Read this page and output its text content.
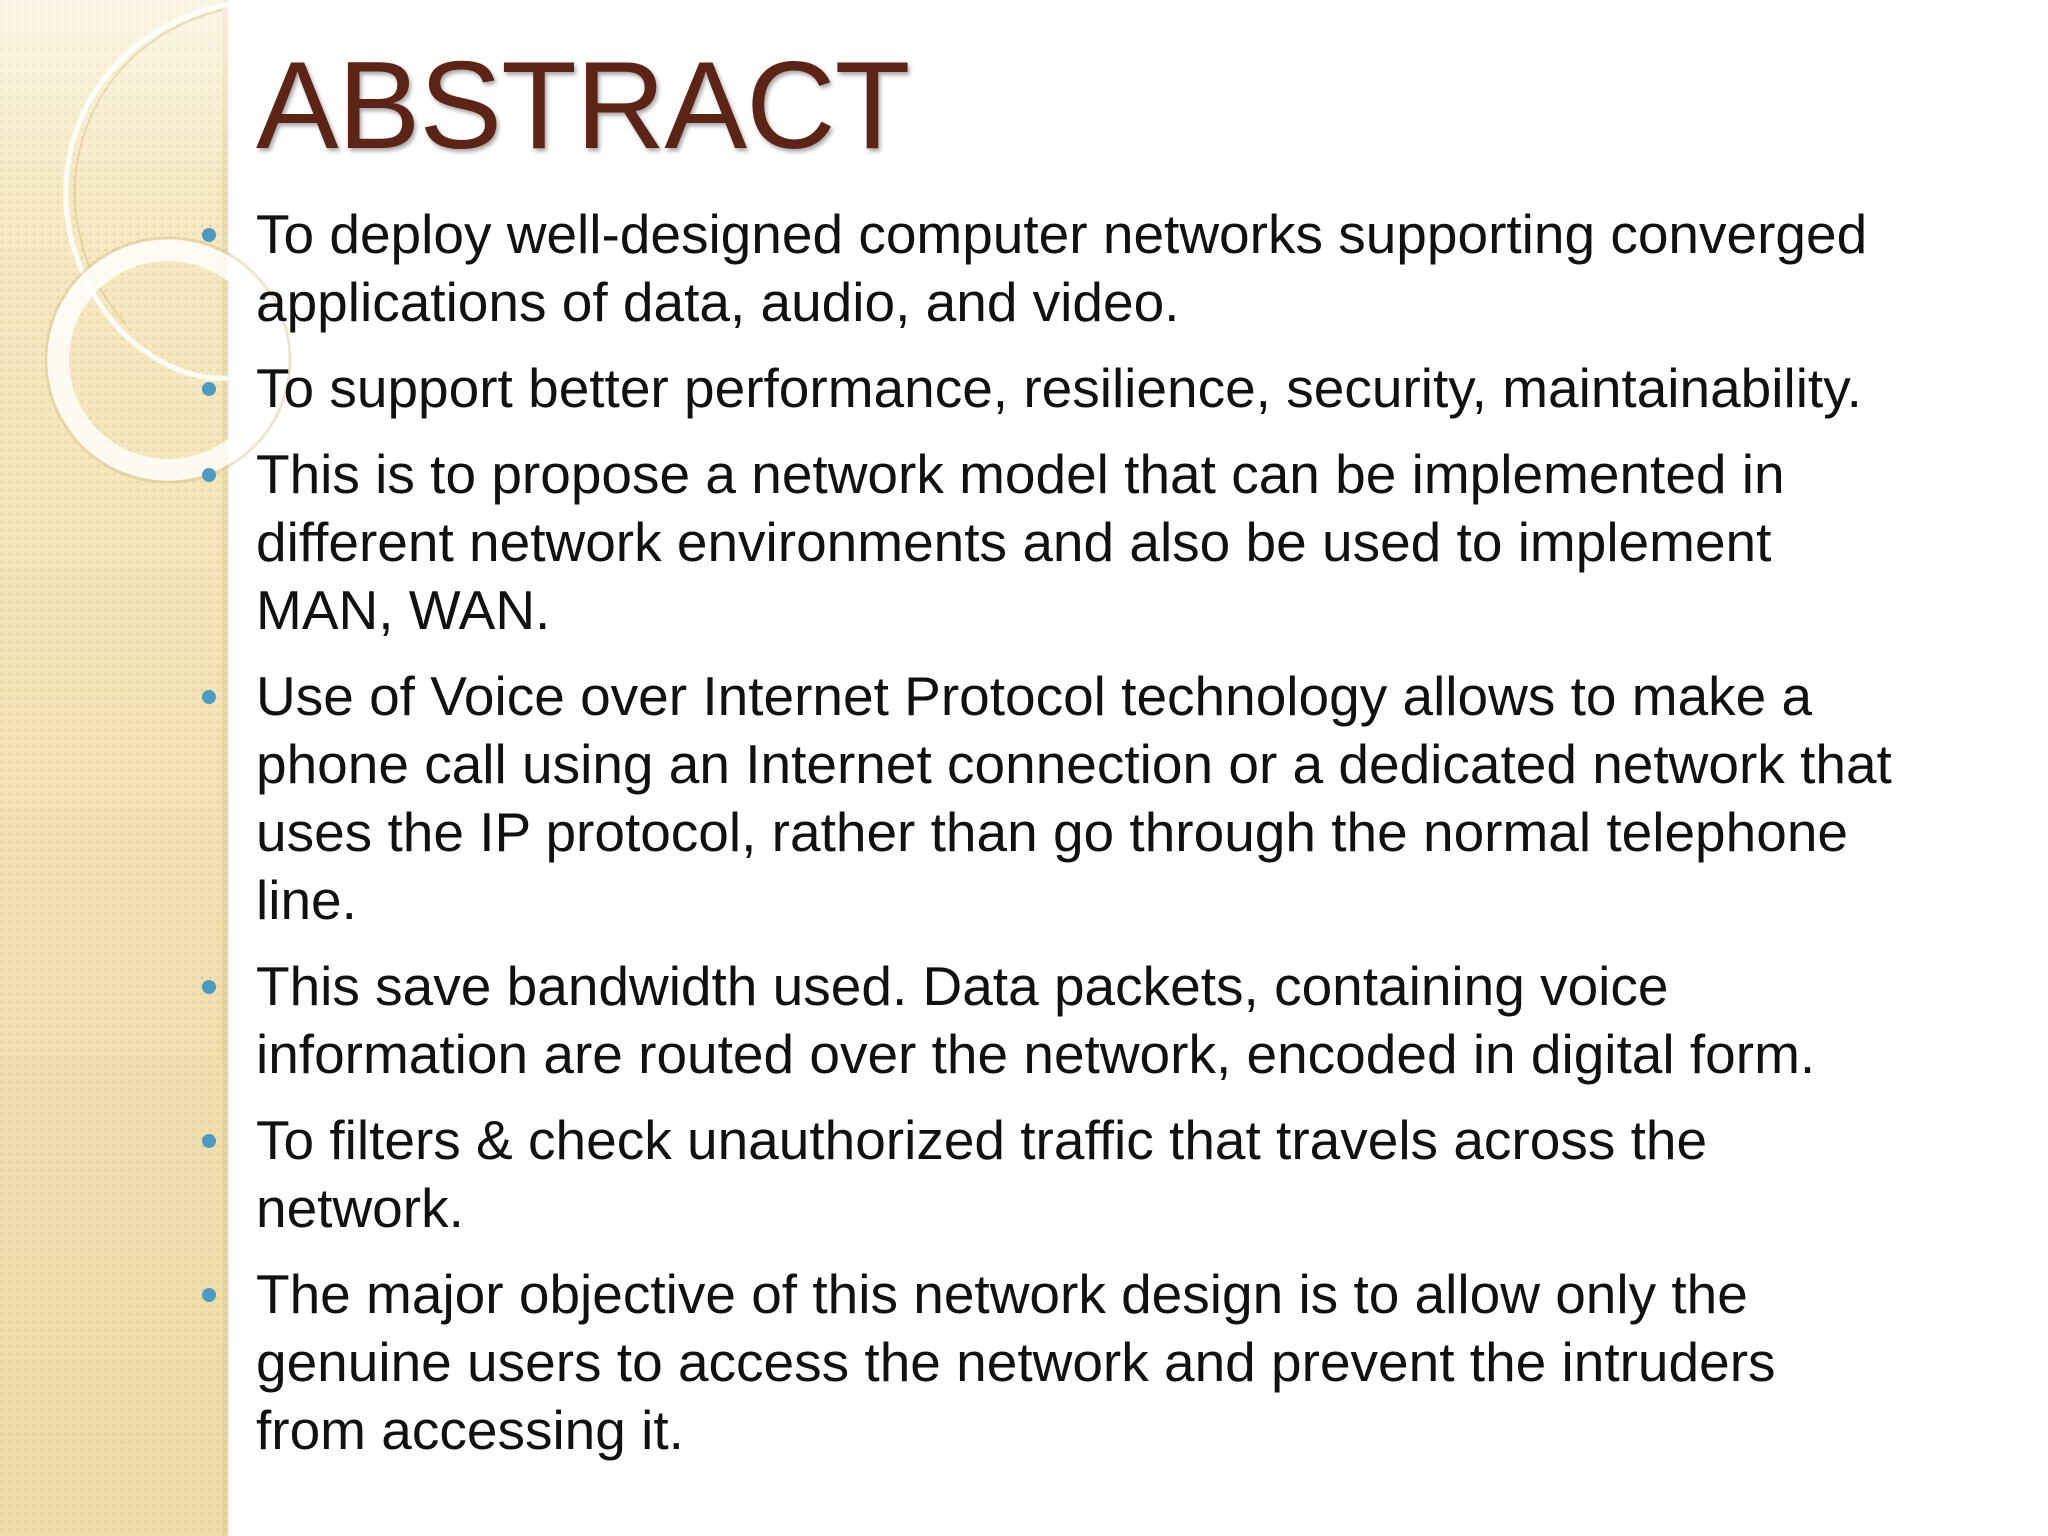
ABSTRACT
To deploy well-designed computer networks supporting converged applications of data, audio, and video.
To support better performance, resilience, security, maintainability.
This is to propose a network model that can be implemented in different network environments and also be used to implement MAN, WAN.
Use of Voice over Internet Protocol technology allows to make a phone call using an Internet connection or a dedicated network that uses the IP protocol, rather than go through the normal telephone line.
This save bandwidth used. Data packets, containing voice information are routed over the network, encoded in digital form.
To filters & check unauthorized traffic that travels across the network.
The major objective of this network design is to allow only the genuine users to access the network and prevent the intruders from accessing it.
